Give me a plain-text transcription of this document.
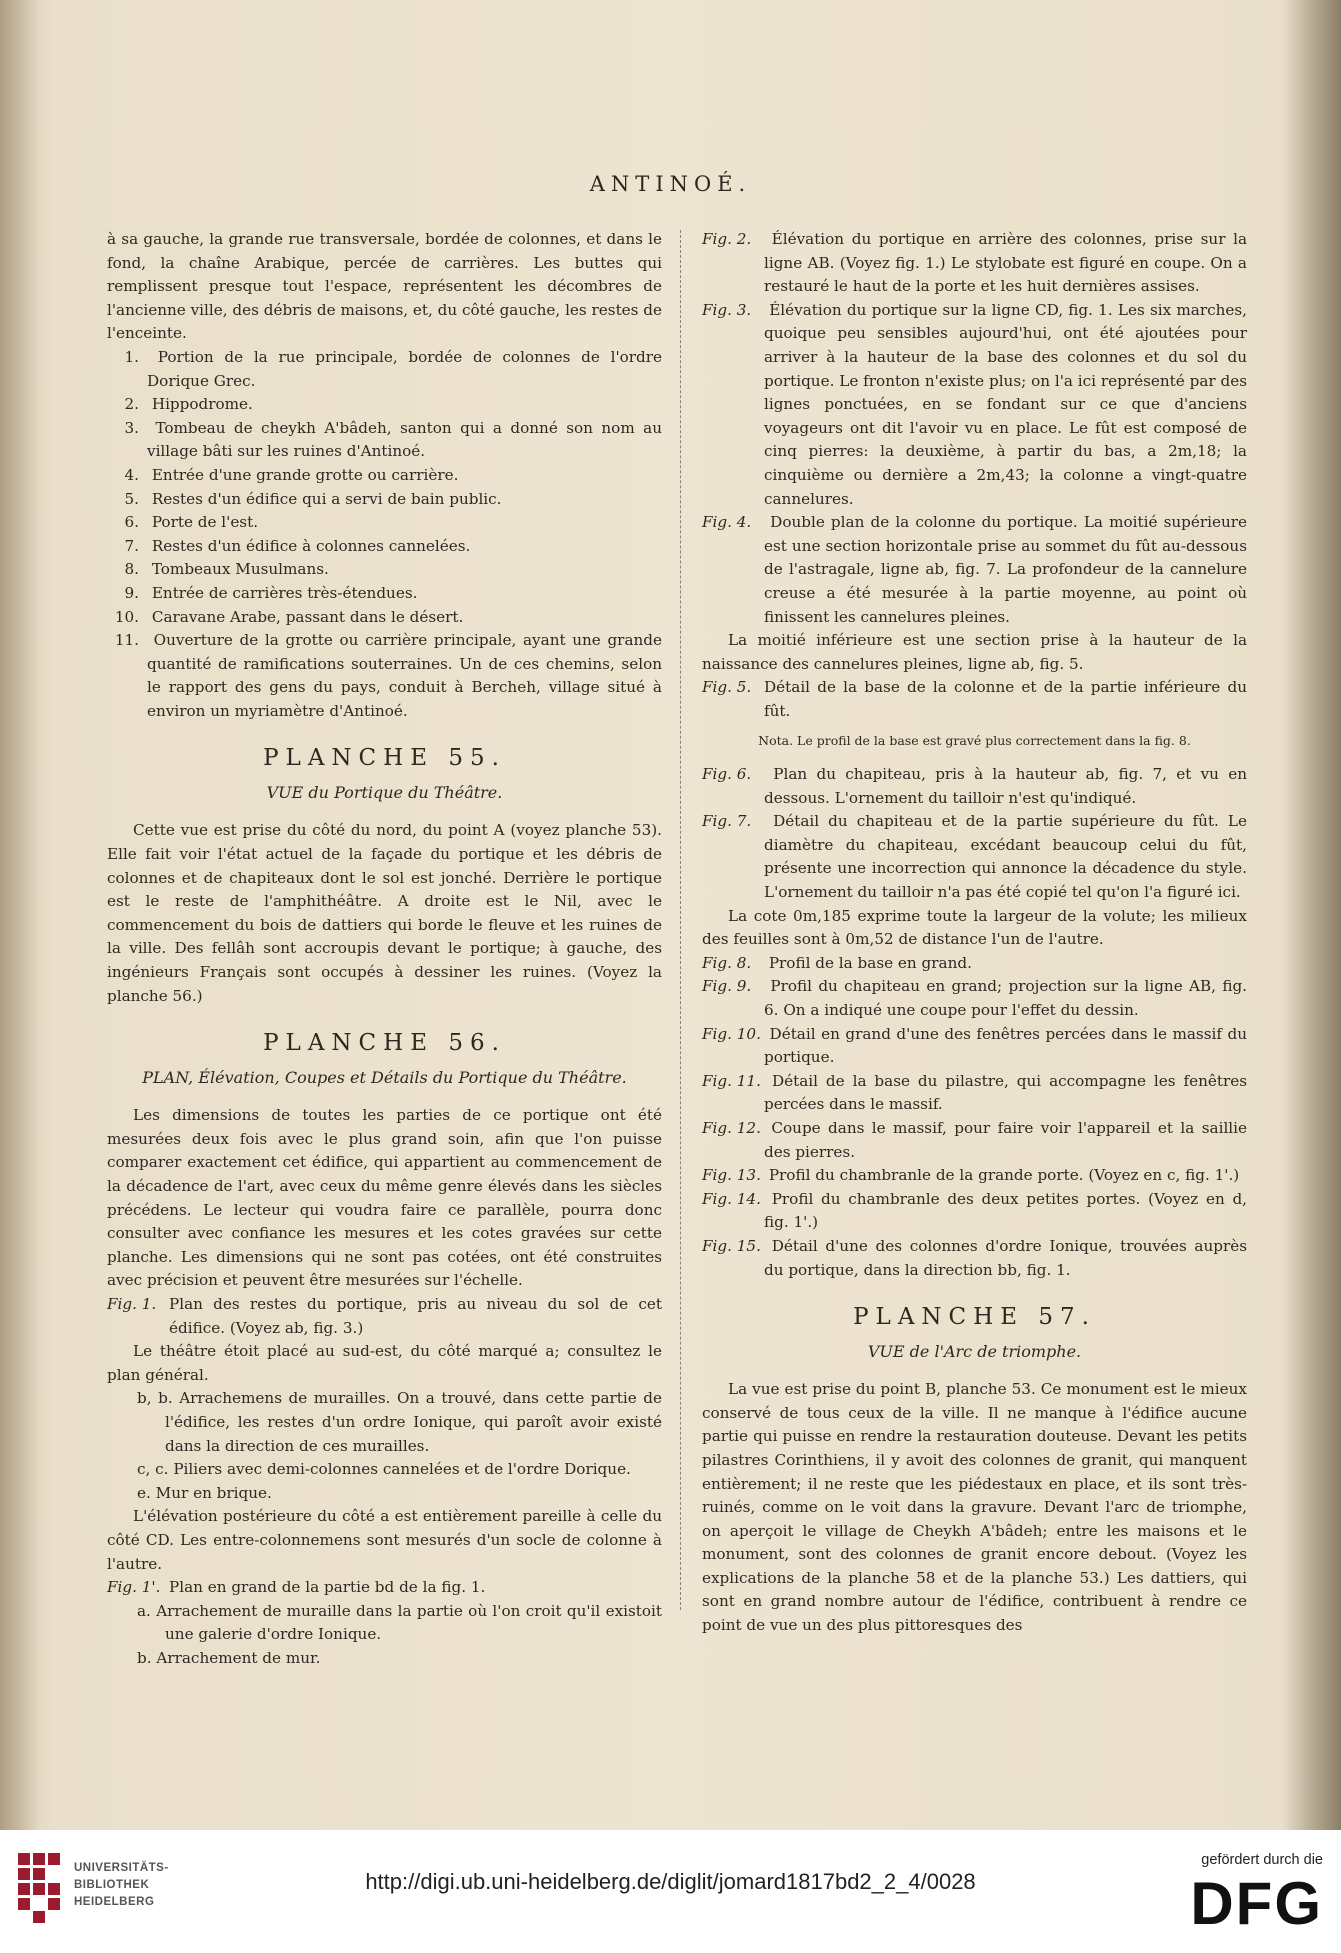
ANTINOÉ.

à sa gauche, la grande rue transversale, bordée de colonnes, et dans le fond, la chaîne Arabique, percée de carrières. Les buttes qui remplissent presque tout l'espace, représentent les décombres de l'ancienne ville, des débris de maisons, et, du côté gauche, les restes de l'enceinte.

1. Portion de la rue principale, bordée de colonnes de l'ordre Dorique Grec.
2. Hippodrome.
3. Tombeau de cheykh A'bâdeh, santon qui a donné son nom au village bâti sur les ruines d'Antinoé.
4. Entrée d'une grande grotte ou carrière.
5. Restes d'un édifice qui a servi de bain public.
6. Porte de l'est.
7. Restes d'un édifice à colonnes cannelées.
8. Tombeaux Musulmans.
9. Entrée de carrières très-étendues.
10. Caravane Arabe, passant dans le désert.
11. Ouverture de la grotte ou carrière principale, ayant une grande quantité de ramifications souterraines. Un de ces chemins, selon le rapport des gens du pays, conduit à Bercheh, village situé à environ un myriamètre d'Antinoé.
PLANCHE 55.
VUE du Portique du Théâtre.

Cette vue est prise du côté du nord, du point A (voyez planche 53). Elle fait voir l'état actuel de la façade du portique et les débris de colonnes et de chapiteaux dont le sol est jonché. Derrière le portique est le reste de l'amphithéâtre. A droite est le Nil, avec le commencement du bois de dattiers qui borde le fleuve et les ruines de la ville. Des fellâh sont accroupis devant le portique; à gauche, des ingénieurs Français sont occupés à dessiner les ruines. (Voyez la planche 56.)

PLANCHE 56.
PLAN, Élévation, Coupes et Détails du Portique du Théâtre.

Les dimensions de toutes les parties de ce portique ont été mesurées deux fois avec le plus grand soin, afin que l'on puisse comparer exactement cet édifice, qui appartient au commencement de la décadence de l'art, avec ceux du même genre élevés dans les siècles précédens. Le lecteur qui voudra faire ce parallèle, pourra donc consulter avec confiance les mesures et les cotes gravées sur cette planche. Les dimensions qui ne sont pas cotées, ont été construites avec précision et peuvent être mesurées sur l'échelle.

Fig. 1. Plan des restes du portique, pris au niveau du sol de cet édifice. (Voyez ab, fig. 3.)

Le théâtre étoit placé au sud-est, du côté marqué a; consultez le plan général.

b, b. Arrachemens de murailles. On a trouvé, dans cette partie de l'édifice, les restes d'un ordre Ionique, qui paroît avoir existé dans la direction de ces murailles.
c, c. Piliers avec demi-colonnes cannelées et de l'ordre Dorique.
e. Mur en brique.

L'élévation postérieure du côté a est entièrement pareille à celle du côté CD. Les entre-colonnemens sont mesurés d'un socle de colonne à l'autre.

Fig. 1'. Plan en grand de la partie bd de la fig. 1.
a. Arrachement de muraille dans la partie où l'on croit qu'il existoit une galerie d'ordre Ionique.
b. Arrachement de mur.
Fig. 2. Élévation du portique en arrière des colonnes, prise sur la ligne AB. (Voyez fig. 1.) Le stylobate est figuré en coupe. On a restauré le haut de la porte et les huit dernières assises.
Fig. 3. Élévation du portique sur la ligne CD, fig. 1. Les six marches, quoique peu sensibles aujourd'hui, ont été ajoutées pour arriver à la hauteur de la base des colonnes et du sol du portique. Le fronton n'existe plus; on l'a ici représenté par des lignes ponctuées, en se fondant sur ce que d'anciens voyageurs ont dit l'avoir vu en place. Le fût est composé de cinq pierres: la deuxième, à partir du bas, a 2m,18; la cinquième ou dernière a 2m,43; la colonne a vingt-quatre cannelures.
Fig. 4. Double plan de la colonne du portique. La moitié supérieure est une section horizontale prise au sommet du fût au-dessous de l'astragale, ligne ab, fig. 7. La profondeur de la cannelure creuse a été mesurée à la partie moyenne, au point où finissent les cannelures pleines.

La moitié inférieure est une section prise à la hauteur de la naissance des cannelures pleines, ligne ab, fig. 5.

Fig. 5. Détail de la base de la colonne et de la partie inférieure du fût.

Nota. Le profil de la base est gravé plus correctement dans la fig. 8.

Fig. 6. Plan du chapiteau, pris à la hauteur ab, fig. 7, et vu en dessous. L'ornement du tailloir n'est qu'indiqué.
Fig. 7. Détail du chapiteau et de la partie supérieure du fût. Le diamètre du chapiteau, excédant beaucoup celui du fût, présente une incorrection qui annonce la décadence du style. L'ornement du tailloir n'a pas été copié tel qu'on l'a figuré ici.

La cote 0m,185 exprime toute la largeur de la volute; les milieux des feuilles sont à 0m,52 de distance l'un de l'autre.

Fig. 8. Profil de la base en grand.
Fig. 9. Profil du chapiteau en grand; projection sur la ligne AB, fig. 6. On a indiqué une coupe pour l'effet du dessin.
Fig. 10. Détail en grand d'une des fenêtres percées dans le massif du portique.
Fig. 11. Détail de la base du pilastre, qui accompagne les fenêtres percées dans le massif.
Fig. 12. Coupe dans le massif, pour faire voir l'appareil et la saillie des pierres.
Fig. 13. Profil du chambranle de la grande porte. (Voyez en c, fig. 1'.)
Fig. 14. Profil du chambranle des deux petites portes. (Voyez en d, fig. 1'.)
Fig. 15. Détail d'une des colonnes d'ordre Ionique, trouvées auprès du portique, dans la direction bb, fig. 1.
PLANCHE 57.
VUE de l'Arc de triomphe.

La vue est prise du point B, planche 53. Ce monument est le mieux conservé de tous ceux de la ville. Il ne manque à l'édifice aucune partie qui puisse en rendre la restauration douteuse. Devant les petits pilastres Corinthiens, il y avoit des colonnes de granit, qui manquent entièrement; il ne reste que les piédestaux en place, et ils sont très-ruinés, comme on le voit dans la gravure. Devant l'arc de triomphe, on aperçoit le village de Cheykh A'bâdeh; entre les maisons et le monument, sont des colonnes de granit encore debout. (Voyez les explications de la planche 58 et de la planche 53.) Les dattiers, qui sont en grand nombre autour de l'édifice, contribuent à rendre ce point de vue un des plus pittoresques des

UNIVERSITÄTS-
BIBLIOTHEK
HEIDELBERG
http://digi.ub.uni-heidelberg.de/diglit/jomard1817bd2_2_4/0028
gefördert durch die
DFG
